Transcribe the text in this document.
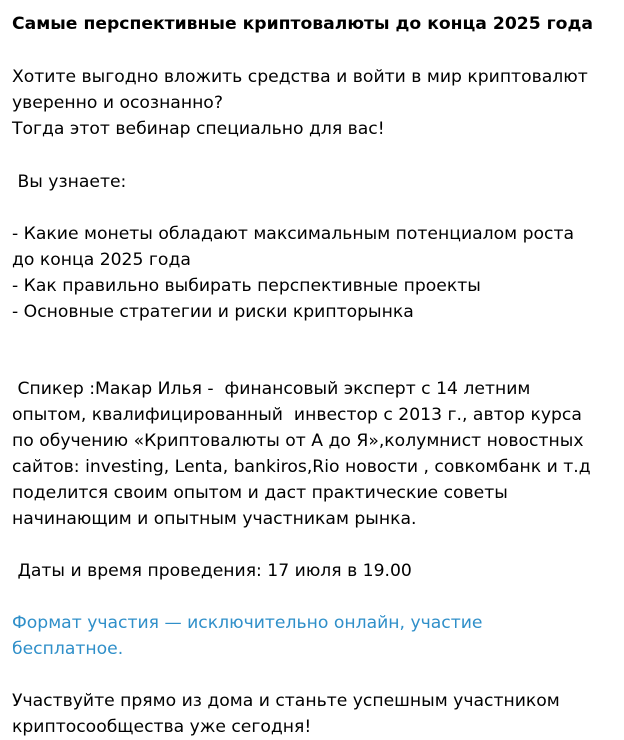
Самые перспективные криптовалюты до конца 2025 года
Хотите выгодно вложить средства и войти в мир криптовалют
уверенно и осознанно?
Тогда этот вебинар специально для вас!
Вы узнаете:
- Какие монеты обладают максимальным потенциалом роста
до конца 2025 года
- Как правильно выбирать перспективные проекты
- Основные стратегии и риски крипторынка
Спикер :Макар Илья -  финансовый эксперт с 14 летним
опытом, квалифицированный  инвестор с 2013 г., автор курса
по обучению «Криптовалюты от А до Я»,колумнист новостных
сайтов: investing, Lenta, bankiros,Rio новости , совкомбанк и т.д
поделится своим опытом и даст практические советы
начинающим и опытным участникам рынка.
Даты и время проведения: 17 июля в 19.00
Формат участия — исключительно онлайн, участие
бесплатное.
Участвуйте прямо из дома и станьте успешным участником
криптосообщества уже сегодня!
